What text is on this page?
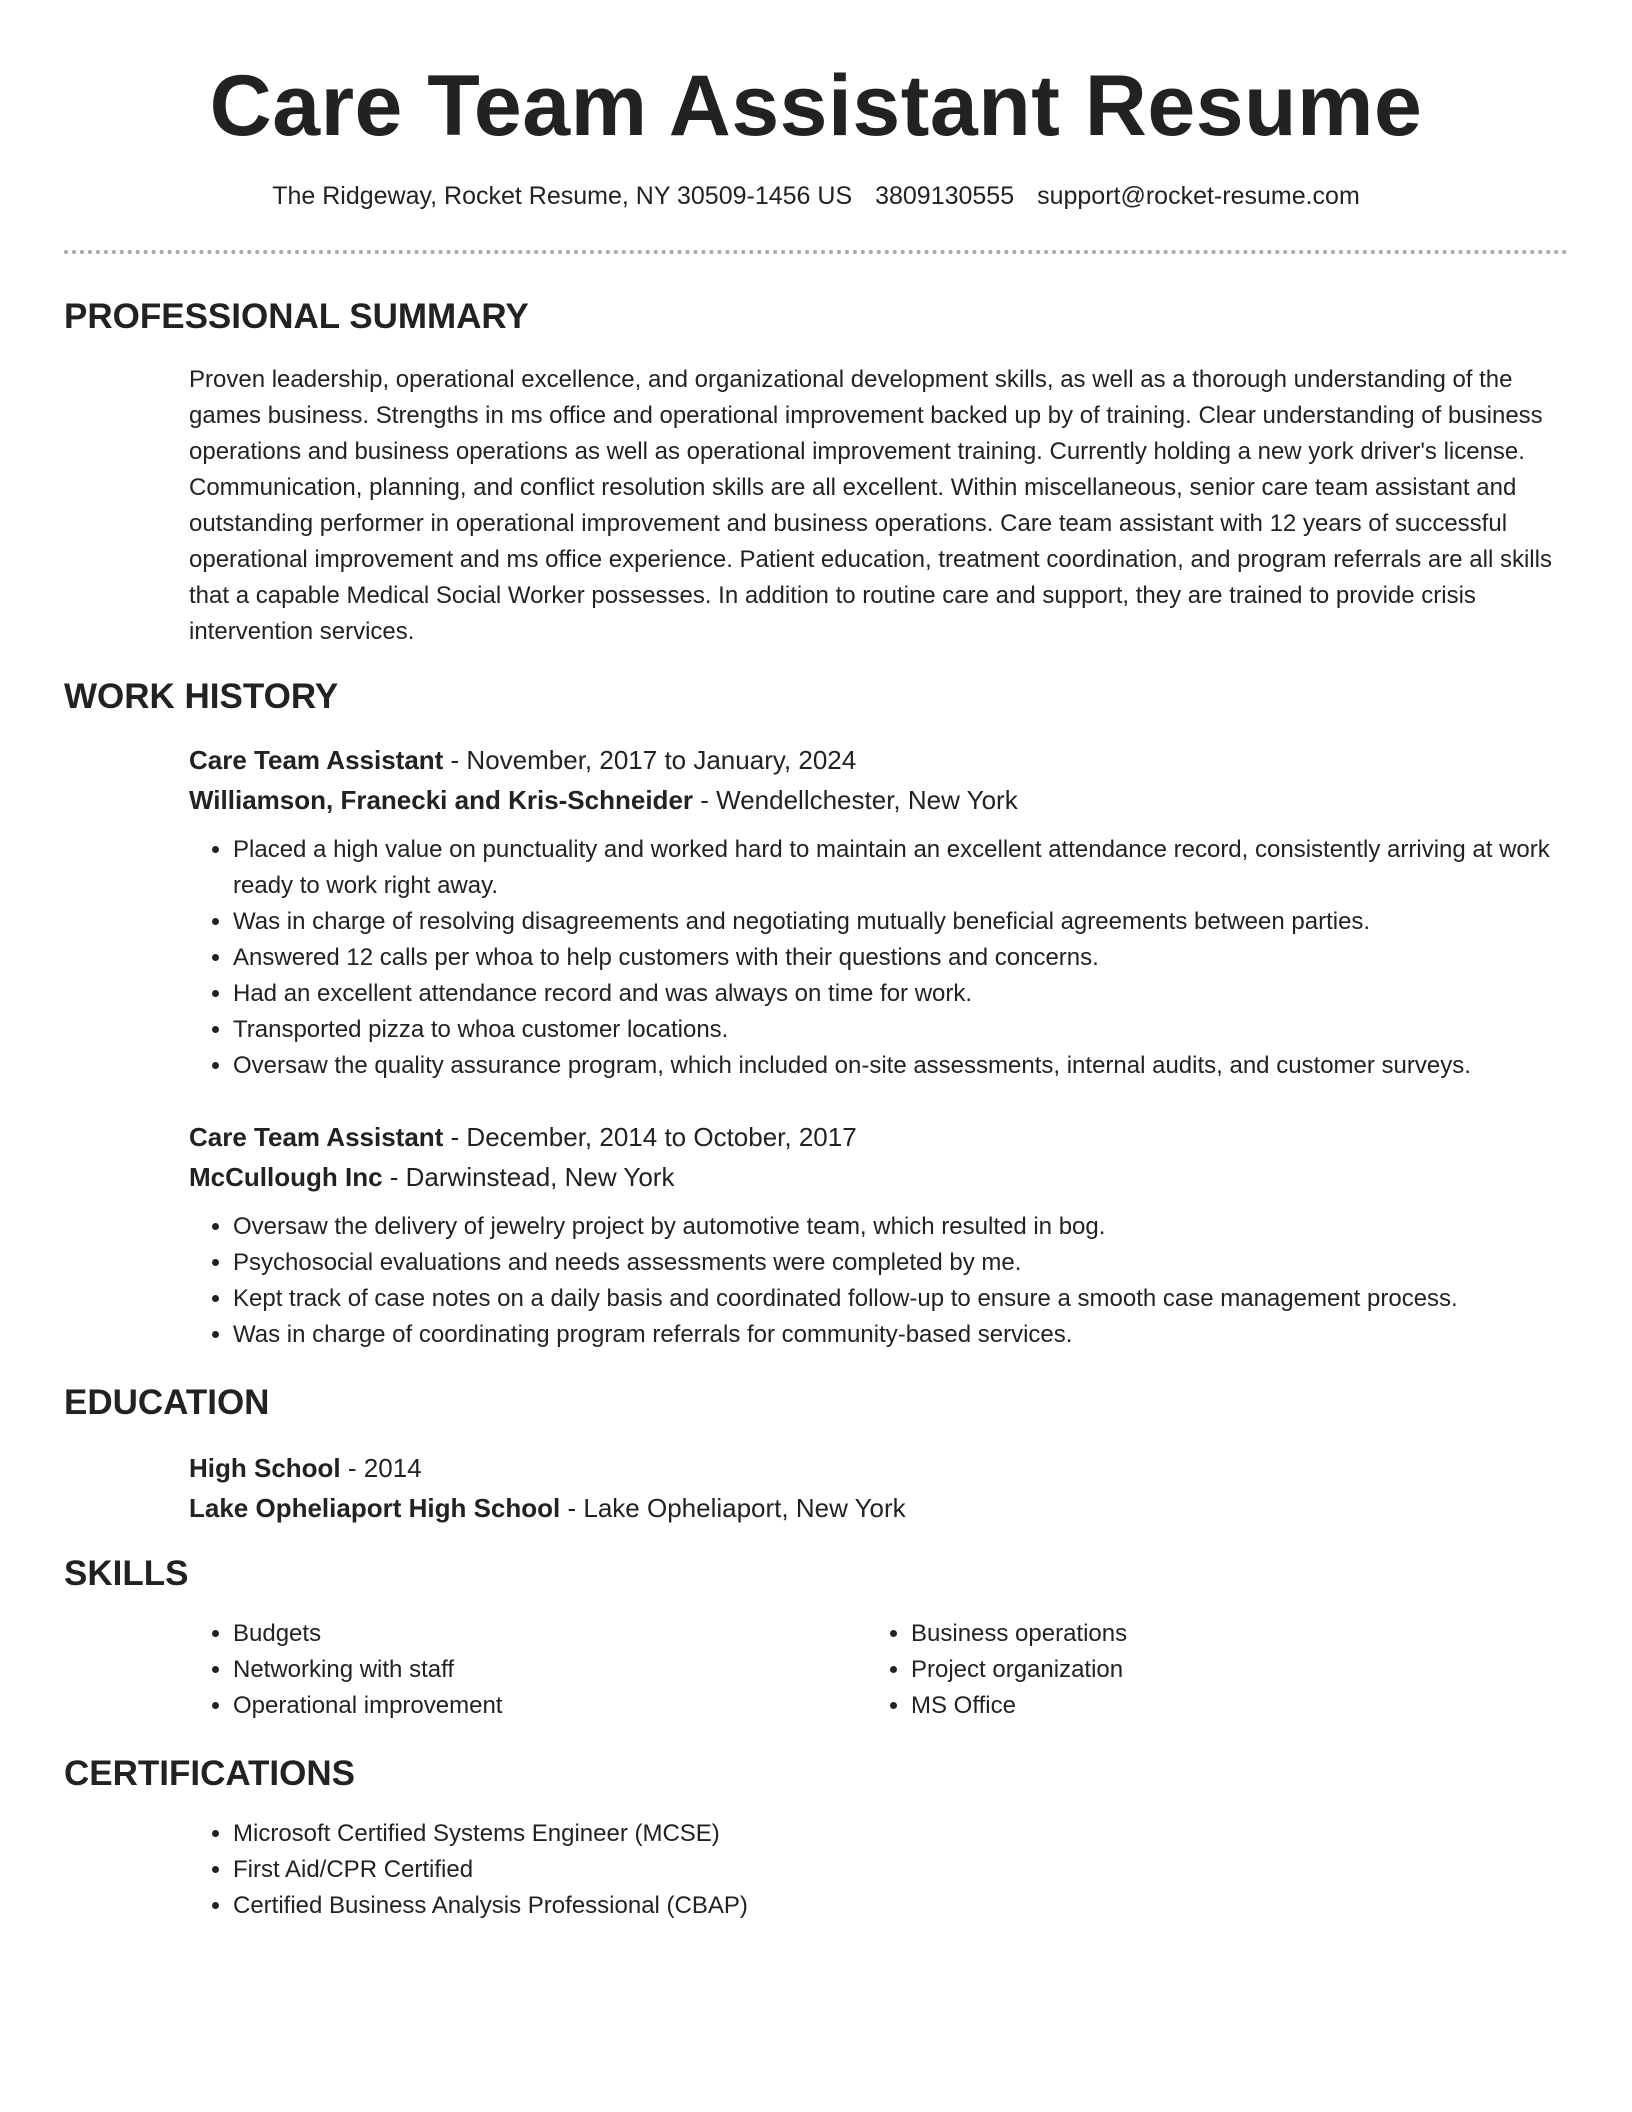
Care Team Assistant Resume
The Ridgeway, Rocket Resume, NY 30509-1456 US 3809130555 support@rocket-resume.com
PROFESSIONAL SUMMARY

Proven leadership, operational excellence, and organizational development skills, as well as a thorough understanding of the games business. Strengths in ms office and operational improvement backed up by of training. Clear understanding of business operations and business operations as well as operational improvement training. Currently holding a new york driver's license. Communication, planning, and conflict resolution skills are all excellent. Within miscellaneous, senior care team assistant and outstanding performer in operational improvement and business operations. Care team assistant with 12 years of successful operational improvement and ms office experience. Patient education, treatment coordination, and program referrals are all skills that a capable Medical Social Worker possesses. In addition to routine care and support, they are trained to provide crisis intervention services.

WORK HISTORY

Care Team Assistant - November, 2017 to January, 2024

Williamson, Franecki and Kris-Schneider - Wendellchester, New York

• Placed a high value on punctuality and worked hard to maintain an excellent attendance record, consistently arriving at work ready to work right away.
• Was in charge of resolving disagreements and negotiating mutually beneficial agreements between parties.
• Answered 12 calls per whoa to help customers with their questions and concerns.
• Had an excellent attendance record and was always on time for work.
• Transported pizza to whoa customer locations.
• Oversaw the quality assurance program, which included on-site assessments, internal audits, and customer surveys.

Care Team Assistant - December, 2014 to October, 2017

McCullough Inc - Darwinstead, New York

• Oversaw the delivery of jewelry project by automotive team, which resulted in bog.
• Psychosocial evaluations and needs assessments were completed by me.
• Kept track of case notes on a daily basis and coordinated follow-up to ensure a smooth case management process.
• Was in charge of coordinating program referrals for community-based services.
EDUCATION

High School - 2014

Lake Opheliaport High School - Lake Opheliaport, New York

SKILLS
• Budgets
• Networking with staff
• Operational improvement
• Business operations
• Project organization
• MS Office
CERTIFICATIONS
• Microsoft Certified Systems Engineer (MCSE)
• First Aid/CPR Certified
• Certified Business Analysis Professional (CBAP)
